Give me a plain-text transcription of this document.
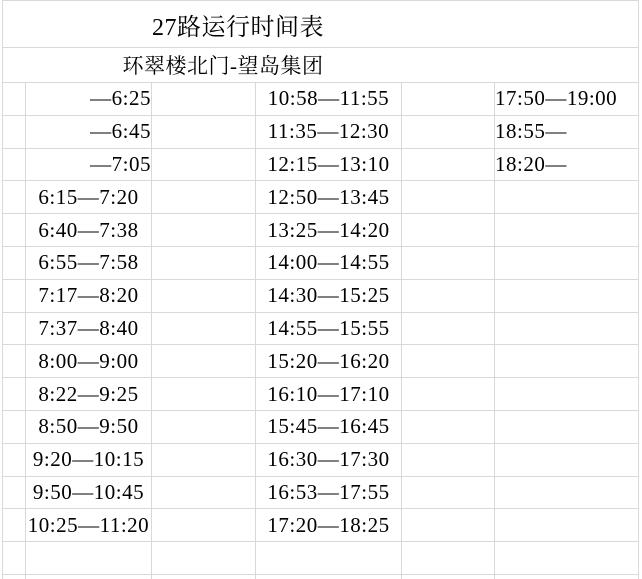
27路运行时间表					

环翠楼北门-望岛集团					

	—6:25		10:58—11:55		17:50—19:00
	—6:45		11:35—12:30		18:55—
	—7:05		12:15—13:10		18:20—
	6:15—7:20		12:50—13:45		
	6:40—7:38		13:25—14:20		
	6:55—7:58		14:00—14:55		
	7:17—8:20		14:30—15:25		
	7:37—8:40		14:55—15:55		
	8:00—9:00		15:20—16:20		
	8:22—9:25		16:10—17:10		
	8:50—9:50		15:45—16:45		
	9:20—10:15		16:30—17:30		
	9:50—10:45		16:53—17:55		
	10:25—11:20		17:20—18:25		
